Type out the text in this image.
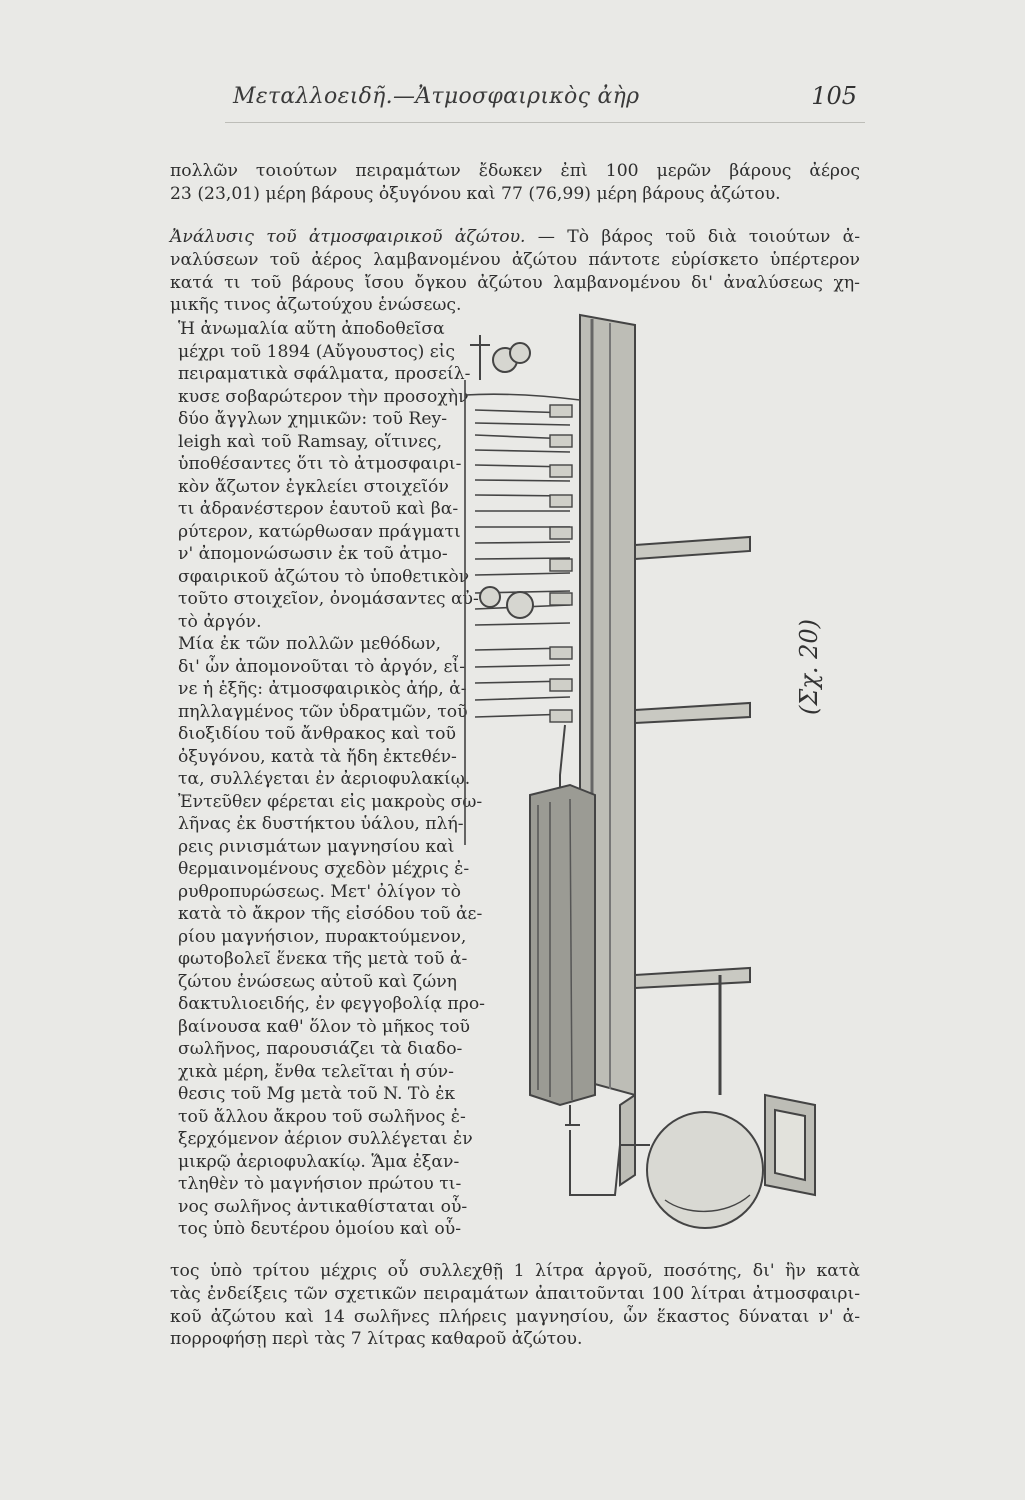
Μεταλλοειδῆ.—Ἀτμοσφαιρικὸς ἀὴρ	105
πολλῶν τοιούτων πειραμάτων ἔδωκεν ἐπὶ 100 μερῶν βάρους ἀέρος
23 (23,01) μέρη βάρους ὀξυγόνου καὶ 77 (76,99) μέρη βάρους ἀζώτου.
Ἀνάλυσις τοῦ ἀτμοσφαιρικοῦ ἀζώτου. — Τὸ βάρος τοῦ διὰ τοιούτων ἀ-
ναλύσεων τοῦ ἀέρος λαμβανομένου ἀζώτου πάντοτε εὑρίσκετο ὑπέρτερον
κατά τι τοῦ βάρους ἴσου ὄγκου ἀζώτου λαμβανομένου δι' ἀναλύσεως χη-
μικῆς τινος ἀζωτούχου ἑνώσεως.
Ἡ ἀνωμαλία αὕτη ἀποδοθεῖσα
μέχρι τοῦ 1894 (Αὔγουστος) εἰς
πειραματικὰ σφάλματα, προσείλ-
κυσε σοβαρώτερον τὴν προσοχὴν
δύο ἄγγλων χημικῶν: τοῦ Rey-
leigh καὶ τοῦ Ramsay, οἵτινες,
ὑποθέσαντες ὅτι τὸ ἀτμοσφαιρι-
κὸν ἄζωτον ἐγκλείει στοιχεῖόν
τι ἀδρανέστερον ἑαυτοῦ καὶ βα-
ρύτερον, κατώρθωσαν πράγματι
ν' ἀπομονώσωσιν ἐκ τοῦ ἀτμο-
σφαιρικοῦ ἀζώτου τὸ ὑποθετικὸν
τοῦτο στοιχεῖον, ὀνομάσαντες αὐ-
τὸ ἀργόν.
Μία ἐκ τῶν πολλῶν μεθόδων,
δι' ὧν ἀπομονοῦται τὸ ἀργόν, εἶ-
νε ἡ ἑξῆς: ἀτμοσφαιρικὸς ἀήρ, ἀ-
πηλλαγμένος τῶν ὑδρατμῶν, τοῦ
διοξιδίου τοῦ ἄνθρακος καὶ τοῦ
ὀξυγόνου, κατὰ τὰ ἤδη ἐκτεθέν-
τα, συλλέγεται ἐν ἀεριοφυλακίῳ.
Ἐντεῦθεν φέρεται εἰς μακροὺς σω-
λῆνας ἐκ δυστήκτου ὑάλου, πλή-
ρεις ρινισμάτων μαγνησίου καὶ
θερμαινομένους σχεδὸν μέχρις ἐ-
ρυθροπυρώσεως. Μετ' ὀλίγον τὸ
κατὰ τὸ ἄκρον τῆς εἰσόδου τοῦ ἀε-
ρίου μαγνήσιον, πυρακτούμενον,
φωτοβολεῖ ἕνεκα τῆς μετὰ τοῦ ἀ-
ζώτου ἑνώσεως αὐτοῦ καὶ ζώνη
δακτυλιοειδής, ἐν φεγγοβολίᾳ προ-
βαίνουσα καθ' ὅλον τὸ μῆκος τοῦ
σωλῆνος, παρουσιάζει τὰ διαδο-
χικὰ μέρη, ἔνθα τελεῖται ἡ σύν-
θεσις τοῦ Mg μετὰ τοῦ N. Τὸ ἐκ
τοῦ ἄλλου ἄκρου τοῦ σωλῆνος ἐ-
ξερχόμενον ἀέριον συλλέγεται ἐν
μικρῷ ἀεριοφυλακίῳ. Ἅμα ἐξαν-
τληθὲν τὸ μαγνήσιον πρώτου τι-
νος σωλῆνος ἀντικαθίσταται οὗ-
τος ὑπὸ δευτέρου ὁμοίου καὶ οὗ-
(Σχ. 20)
τος ὑπὸ τρίτου μέχρις οὗ συλλεχθῇ 1 λίτρα ἀργοῦ, ποσότης, δι' ἣν κατὰ
τὰς ἐνδείξεις τῶν σχετικῶν πειραμάτων ἀπαιτοῦνται 100 λίτραι ἀτμοσφαιρι-
κοῦ ἀζώτου καὶ 14 σωλῆνες πλήρεις μαγνησίου, ὧν ἕκαστος δύναται ν' ἀ-
πορροφήσῃ περὶ τὰς 7 λίτρας καθαροῦ ἀζώτου.
